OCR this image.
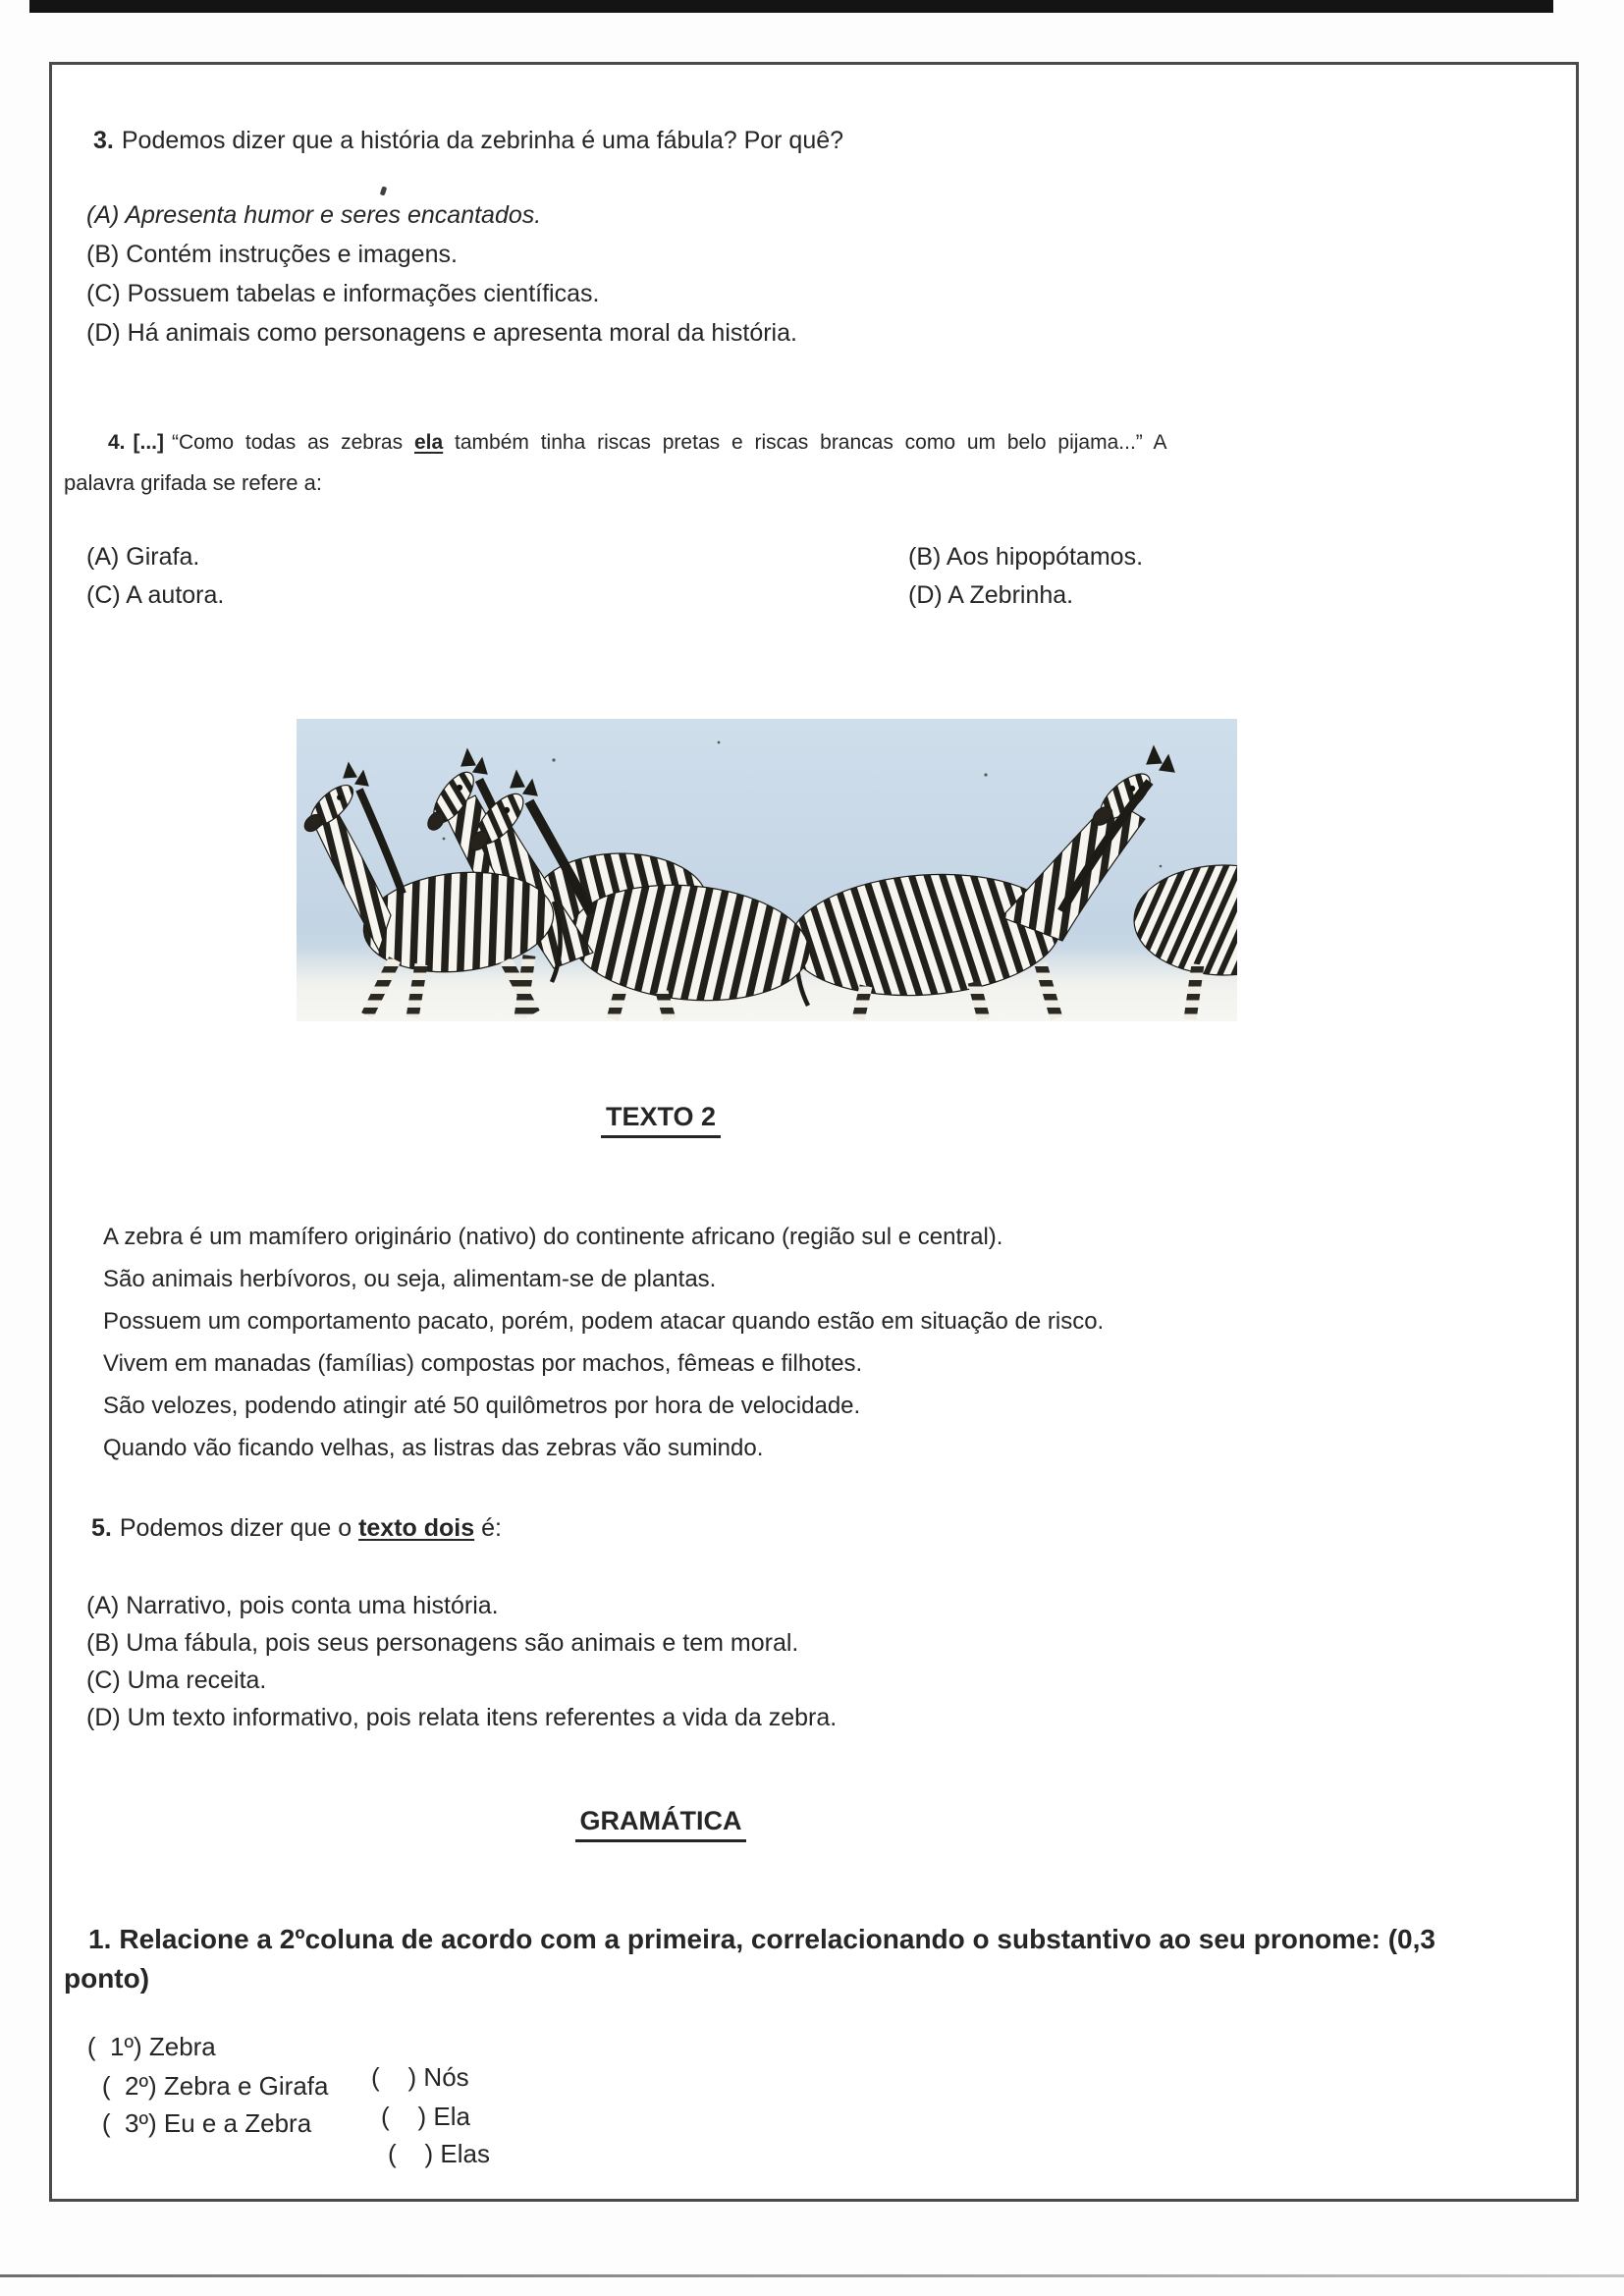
3. Podemos dizer que a história da zebrinha é uma fábula? Por quê?
(A) Apresenta humor e seres encantados.
(B) Contém instruções e imagens.
(C) Possuem tabelas e informações científicas.
(D) Há animais como personagens e apresenta moral da história.
4. [...] “Como todas as zebras ela também tinha riscas pretas e riscas brancas como um belo pijama...” A
palavra grifada se refere a:
(A) Girafa.
(C) A autora.
(B) Aos hipopótamos.
(D) A Zebrinha.
TEXTO 2
A zebra é um mamífero originário (nativo) do continente africano (região sul e central).
São animais herbívoros, ou seja, alimentam-se de plantas.
Possuem um comportamento pacato, porém, podem atacar quando estão em situação de risco.
Vivem em manadas (famílias) compostas por machos, fêmeas e filhotes.
São velozes, podendo atingir até 50 quilômetros por hora de velocidade.
Quando vão ficando velhas, as listras das zebras vão sumindo.
5. Podemos dizer que o texto dois é:
(A) Narrativo, pois conta uma história.
(B) Uma fábula, pois seus personagens são animais e tem moral.
(C) Uma receita.
(D) Um texto informativo, pois relata itens referentes a vida da zebra.
GRAMÁTICA
1. Relacione a 2ºcoluna de acordo com a primeira, correlacionando o substantivo ao seu pronome: (0,3
ponto)

(  1º) Zebra

(    ) Nós

(  2º) Zebra e Girafa

(    ) Ela

(  3º) Eu e a Zebra

(    ) Elas
